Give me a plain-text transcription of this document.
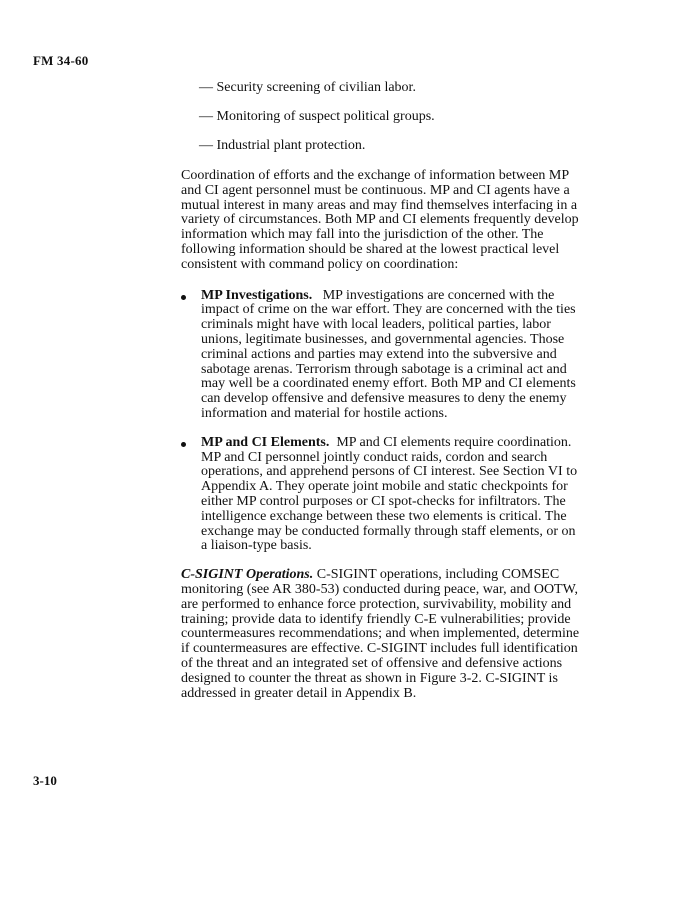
FM 34-60
— Security screening of civilian labor.
— Monitoring of suspect political groups.
— Industrial plant protection.

Coordination of efforts and the exchange of information between MP and CI agent personnel must be continuous. MP and CI agents have a mutual interest in many areas and may find themselves interfacing in a variety of circumstances. Both MP and CI elements frequently develop information which may fall into the jurisdiction of the other. The following information should be shared at the lowest practical level consistent with command policy on coordination:

MP Investigations. MP investigations are concerned with the impact of crime on the war effort. They are concerned with the ties criminals might have with local leaders, political parties, labor unions, legitimate businesses, and governmental agencies. Those criminal actions and parties may extend into the subversive and sabotage arenas. Terrorism through sabotage is a criminal act and may well be a coordinated enemy effort. Both MP and CI elements can develop offensive and defensive measures to deny the enemy information and material for hostile actions.
MP and CI Elements. MP and CI elements require coordination. MP and CI personnel jointly conduct raids, cordon and search operations, and apprehend persons of CI interest. See Section VI to Appendix A. They operate joint mobile and static checkpoints for either MP control purposes or CI spot-checks for infiltrators. The intelligence exchange between these two elements is critical. The exchange may be conducted formally through staff elements, or on a liaison-type basis.

C-SIGINT Operations. C-SIGINT operations, including COMSEC monitoring (see AR 380-53) conducted during peace, war, and OOTW, are performed to enhance force protection, survivability, mobility and training; provide data to identify friendly C-E vulnerabilities; provide countermeasures recommendations; and when implemented, determine if countermeasures are effective. C-SIGINT includes full identification of the threat and an integrated set of offensive and defensive actions designed to counter the threat as shown in Figure 3-2. C-SIGINT is addressed in greater detail in Appendix B.

3-10
